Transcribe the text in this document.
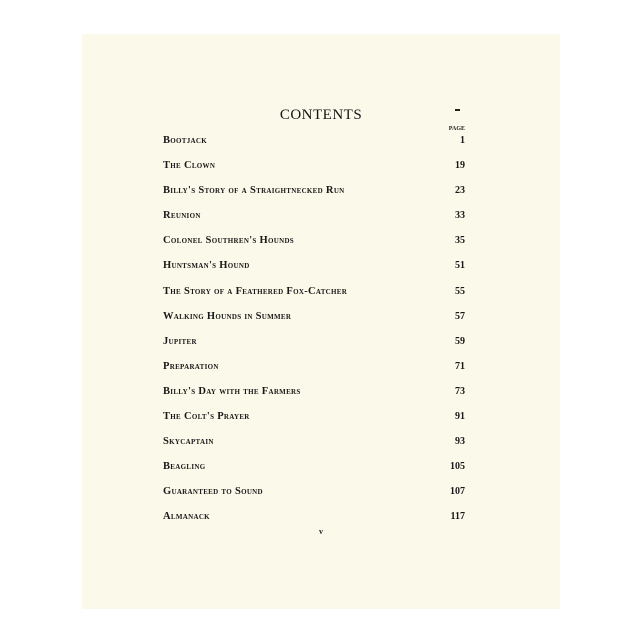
CONTENTS
PAGE
Bootjack	1
The Clown	19
Billy's Story of a Straightnecked Run	23
Reunion	33
Colonel Southren's Hounds	35
Huntsman's Hound	51
The Story of a Feathered Fox-Catcher	55
Walking Hounds in Summer	57
Jupiter	59
Preparation	71
Billy's Day with the Farmers	73
The Colt's Prayer	91
Skycaptain	93
Beagling	105
Guaranteed to Sound	107
Almanack	117
v
